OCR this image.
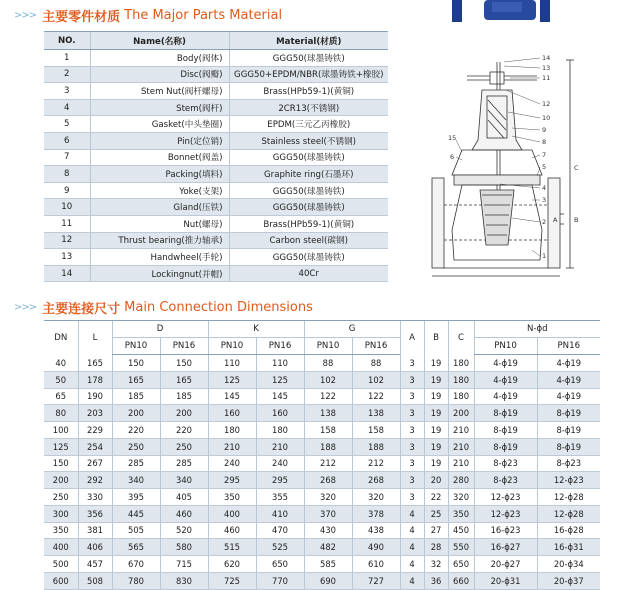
>>> 主要零件材质 The Major Parts Material
NO.	Name(名称)	Material(材质)
1	Body(阀体)	GGG50(球墨铸铁)
2	Disc(阀瓣)	GGG50+EPDM/NBR(球墨铸铁+橡胶)
3	Stem Nut(阀杆螺母)	Brass(HPb59-1)(黄铜)
4	Stem(阀杆)	2CR13(不锈钢)
5	Gasket(中头垫圈)	EPDM(三元乙丙橡胶)
6	Pin(定位销)	Stainless steel(不锈钢)
7	Bonnet(阀盖)	GGG50(球墨铸铁)
8	Packing(填料)	Graphite ring(石墨环)
9	Yoke(支架)	GGG50(球墨铸铁)
10	Gland(压铁)	GGG50(球墨铸铁)
11	Nut(螺母)	Brass(HPb59-1)(黄铜)
12	Thrust bearing(推力轴承)	Carbon steel(碳钢)
13	Handwheel(手轮)	GGG50(球墨铸铁)
14	Lockingnut(并帽)	40Cr
14
13
11
12
10
9
8
7
5
15
6
4
3
2
1
C
A	B
>>> 主要连接尺寸 Main Connection Dimensions
DN	L	D		K		G		A	B	C	N-ϕd	
		PN10	PN16	PN10	PN16	PN10	PN16				PN10	PN16
40	165	150	150	110	110	88	88	3	19	180	4-ϕ19	4-ϕ19
50	178	165	165	125	125	102	102	3	19	180	4-ϕ19	4-ϕ19
65	190	185	185	145	145	122	122	3	19	180	4-ϕ19	4-ϕ19
80	203	200	200	160	160	138	138	3	19	200	8-ϕ19	8-ϕ19
100	229	220	220	180	180	158	158	3	19	210	8-ϕ19	8-ϕ19
125	254	250	250	210	210	188	188	3	19	210	8-ϕ19	8-ϕ19
150	267	285	285	240	240	212	212	3	19	210	8-ϕ23	8-ϕ23
200	292	340	340	295	295	268	268	3	20	280	8-ϕ23	12-ϕ23
250	330	395	405	350	355	320	320	3	22	320	12-ϕ23	12-ϕ28
300	356	445	460	400	410	370	378	4	25	350	12-ϕ23	12-ϕ28
350	381	505	520	460	470	430	438	4	27	450	16-ϕ23	16-ϕ28
400	406	565	580	515	525	482	490	4	28	550	16-ϕ27	16-ϕ31
500	457	670	715	620	650	585	610	4	32	650	20-ϕ27	20-ϕ34
600	508	780	830	725	770	690	727	4	36	660	20-ϕ31	20-ϕ37
